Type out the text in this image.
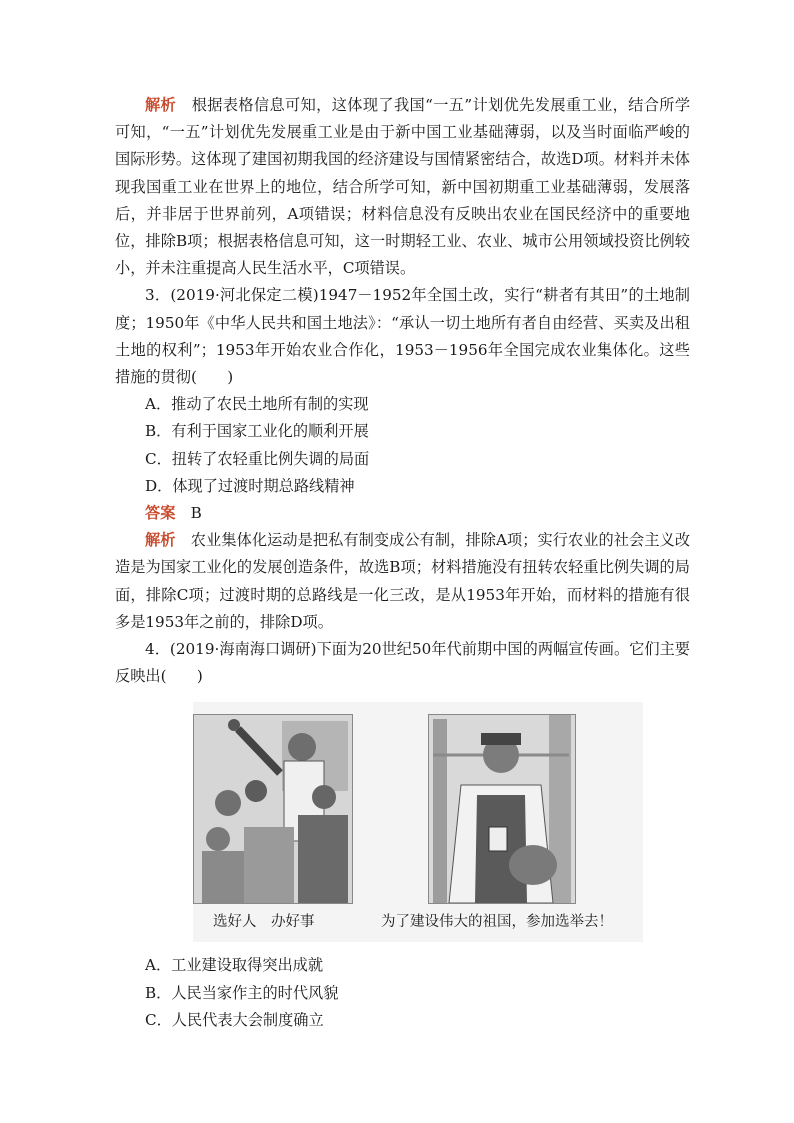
解析　 根据表格信息可知，这体现了我国“一五”计划优先发展重工业，结合所学可知，“一五”计划优先发展重工业是由于新中国工业基础薄弱，以及当时面临严峻的国际形势。这体现了建国初期我国的经济建设与国情紧密结合，故选D项。材料并未体现我国重工业在世界上的地位，结合所学可知，新中国初期重工业基础薄弱，发展落后，并非居于世界前列，A项错误；材料信息没有反映出农业在国民经济中的重要地位，排除B项；根据表格信息可知，这一时期轻工业、农业、城市公用领域投资比例较小，并未注重提高人民生活水平，C项错误。

3．(2019·河北保定二模)1947－1952年全国土改，实行“耕者有其田”的土地制度；1950年《中华人民共和国土地法》：“承认一切土地所有者自由经营、买卖及出租土地的权利”；1953年开始农业合作化，1953－1956年全国完成农业集体化。这些措施的贯彻(　　)

A．推动了农民土地所有制的实现

B．有利于国家工业化的顺利开展

C．扭转了农轻重比例失调的局面

D．体现了过渡时期总路线精神

答案　 B

解析　 农业集体化运动是把私有制变成公有制，排除A项；实行农业的社会主义改造是为国家工业化的发展创造条件，故选B项；材料措施没有扭转农轻重比例失调的局面，排除C项；过渡时期的总路线是一化三改，是从1953年开始，而材料的措施有很多是1953年之前的，排除D项。

4．(2019·海南海口调研)下面为20世纪50年代前期中国的两幅宣传画。它们主要反映出(　　)

选好人　办好事	为了建设伟大的祖国，参加选举去！

A．工业建设取得突出成就

B．人民当家作主的时代风貌

C．人民代表大会制度确立
